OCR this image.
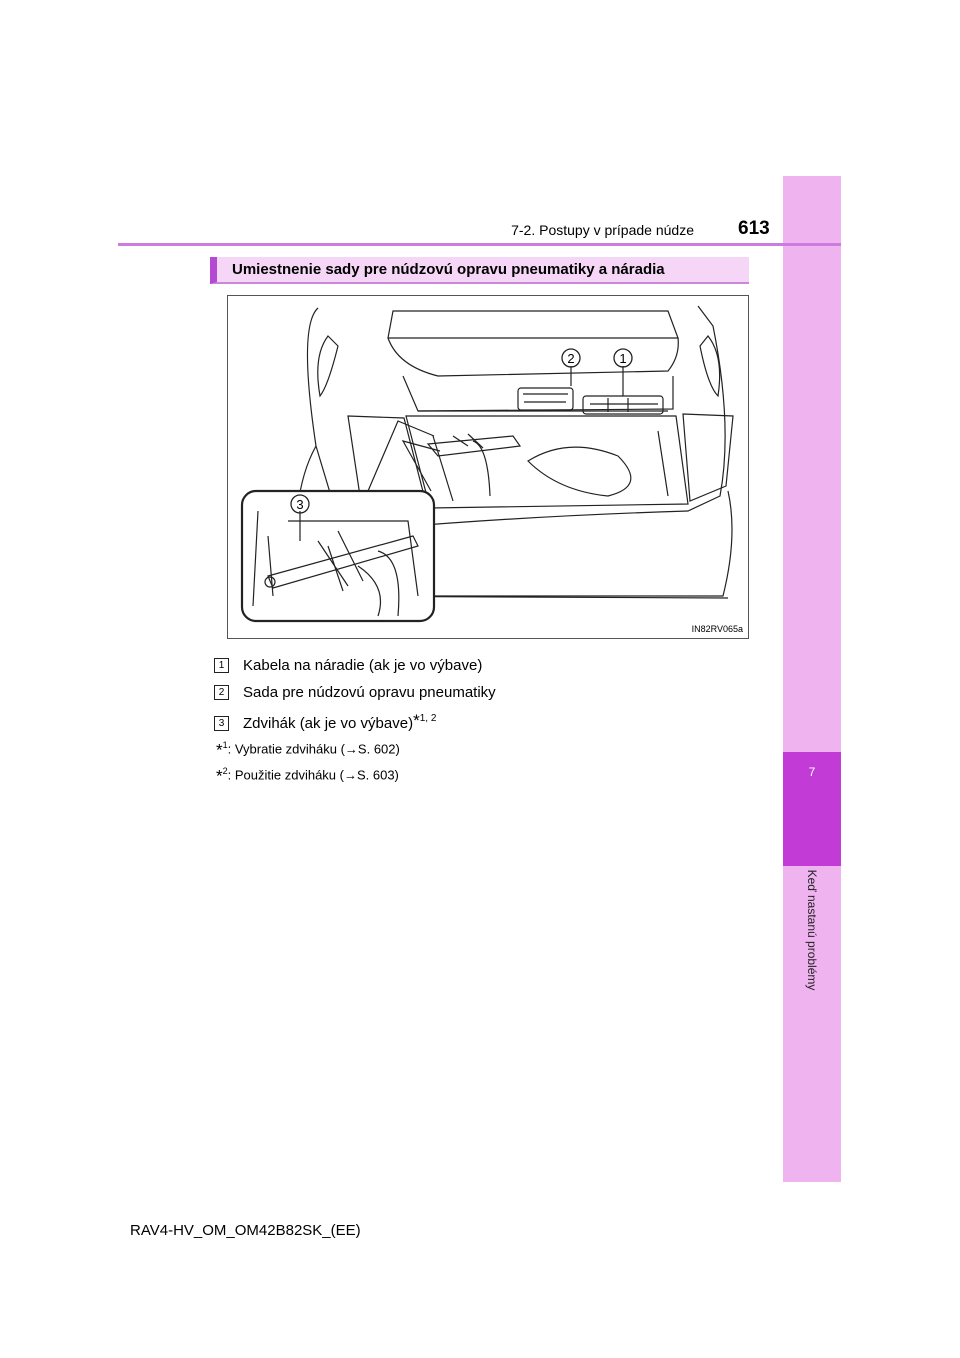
7
Keď nastanú problémy
7-2. Postupy v prípade núdze 613
Umiestnenie sady pre núdzovú opravu pneumatiky a náradia
2	1
3
IN82RV065a
1 Kabela na náradie (ak je vo výbave)
2 Sada pre núdzovú opravu pneumatiky
3 Zdvihák (ak je vo výbave)*$^{1, 2}$
*$^1$: Vybratie zdviháku (→S. 602)
*$^2$: Použitie zdviháku (→S. 603)
RAV4-HV_OM_OM42B82SK_(EE)
